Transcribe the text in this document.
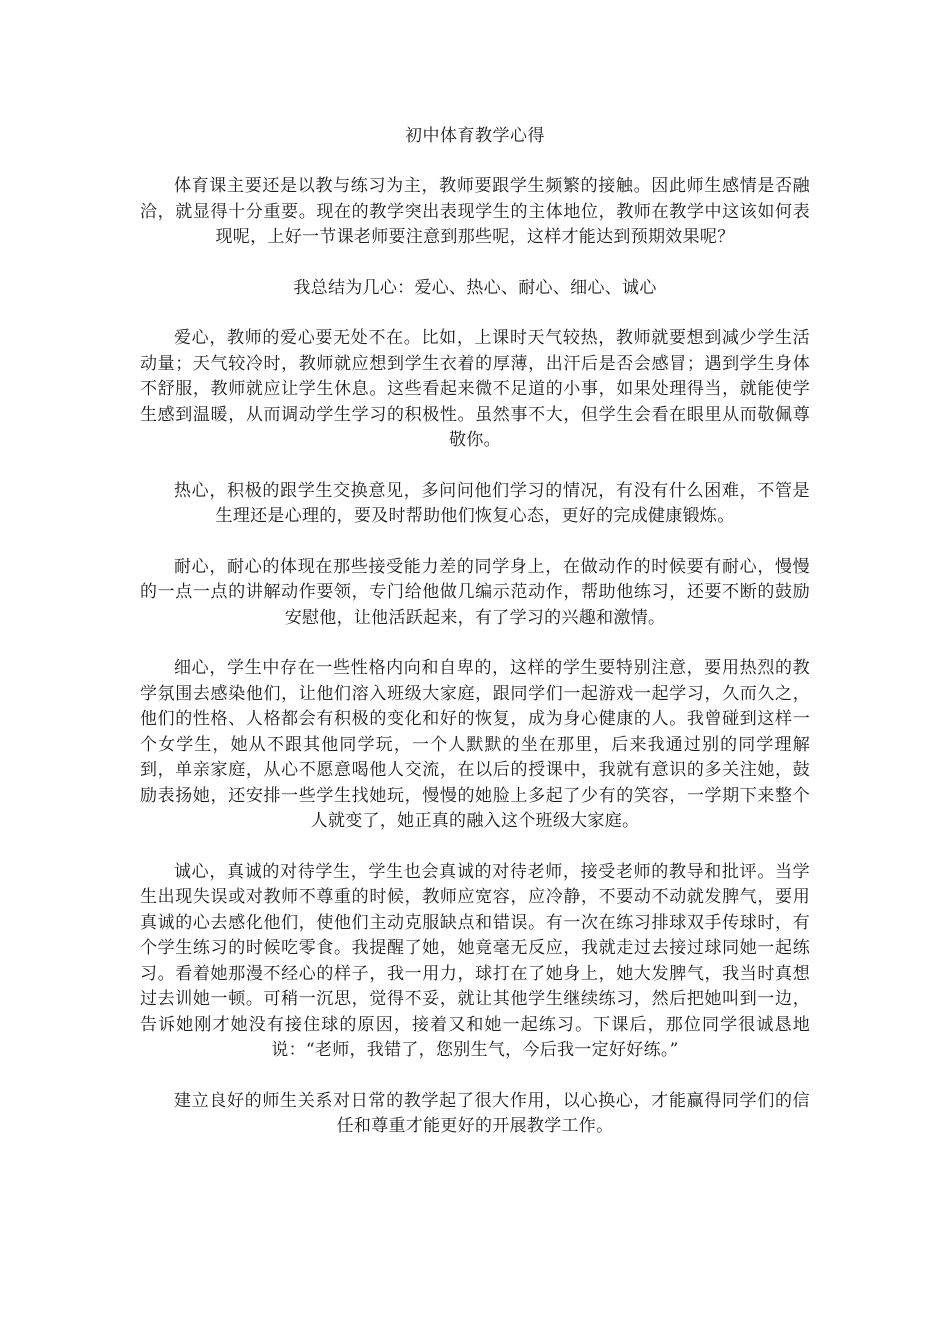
初中体育教学心得

体育课主要还是以教与练习为主，教师要跟学生频繁的接触。因此师生感情是否融洽，就显得十分重要。现在的教学突出表现学生的主体地位，教师在教学中这该如何表现呢，上好一节课老师要注意到那些呢，这样才能达到预期效果呢？

我总结为几心：爱心、热心、耐心、细心、诚心

爱心，教师的爱心要无处不在。比如，上课时天气较热，教师就要想到减少学生活动量；天气较冷时，教师就应想到学生衣着的厚薄，出汗后是否会感冒；遇到学生身体不舒服，教师就应让学生休息。这些看起来微不足道的小事，如果处理得当，就能使学生感到温暖，从而调动学生学习的积极性。虽然事不大，但学生会看在眼里从而敬佩尊敬你。

热心，积极的跟学生交换意见，多问问他们学习的情况，有没有什么困难，不管是生理还是心理的，要及时帮助他们恢复心态，更好的完成健康锻炼。

耐心，耐心的体现在那些接受能力差的同学身上，在做动作的时候要有耐心，慢慢的一点一点的讲解动作要领，专门给他做几编示范动作，帮助他练习，还要不断的鼓励安慰他，让他活跃起来，有了学习的兴趣和激情。

细心，学生中存在一些性格内向和自卑的，这样的学生要特别注意，要用热烈的教学氛围去感染他们，让他们溶入班级大家庭，跟同学们一起游戏一起学习，久而久之，他们的性格、人格都会有积极的变化和好的恢复，成为身心健康的人。我曾碰到这样一个女学生，她从不跟其他同学玩，一个人默默的坐在那里，后来我通过别的同学理解到，单亲家庭，从心不愿意喝他人交流，在以后的授课中，我就有意识的多关注她，鼓励表扬她，还安排一些学生找她玩，慢慢的她脸上多起了少有的笑容，一学期下来整个人就变了，她正真的融入这个班级大家庭。

诚心，真诚的对待学生，学生也会真诚的对待老师，接受老师的教导和批评。当学生出现失误或对教师不尊重的时候，教师应宽容，应冷静，不要动不动就发脾气，要用真诚的心去感化他们，使他们主动克服缺点和错误。有一次在练习排球双手传球时，有个学生练习的时候吃零食。我提醒了她，她竟毫无反应，我就走过去接过球同她一起练习。看着她那漫不经心的样子，我一用力，球打在了她身上，她大发脾气，我当时真想过去训她一顿。可稍一沉思，觉得不妥，就让其他学生继续练习，然后把她叫到一边，告诉她刚才她没有接住球的原因，接着又和她一起练习。下课后，那位同学很诚恳地说：“老师，我错了，您别生气，今后我一定好好练。”

建立良好的师生关系对日常的教学起了很大作用，以心换心，才能赢得同学们的信任和尊重才能更好的开展教学工作。
